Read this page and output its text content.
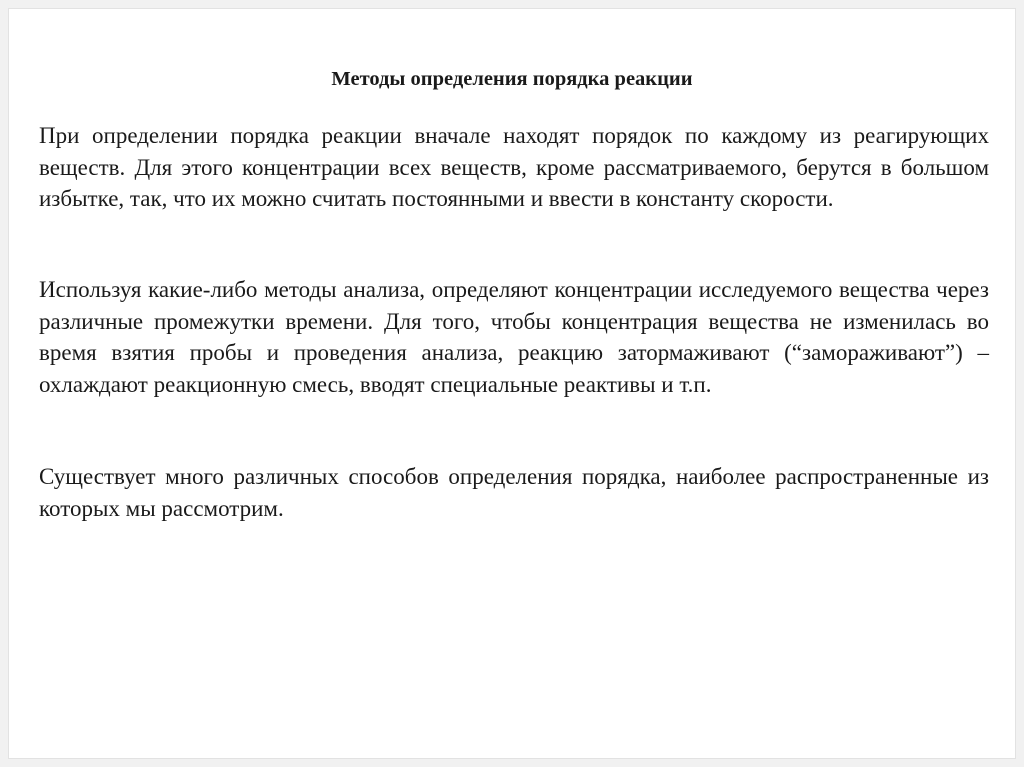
Методы определения порядка реакции

При определении порядка реакции вначале находят порядок по каждому из реагирующих веществ. Для этого концентрации всех веществ, кроме рассматриваемого, берутся в большом избытке, так, что их можно считать постоянными и ввести в константу скорости.

Используя какие-либо методы анализа, определяют концентрации исследуемого вещества через различные промежутки времени. Для того, чтобы концентрация вещества не изменилась во время взятия пробы и проведения анализа, реакцию затормаживают (“замораживают”) – охлаждают реакционную смесь, вводят специальные реактивы и т.п.

Существует много различных способов определения порядка, наиболее распространенные из которых мы рассмотрим.
